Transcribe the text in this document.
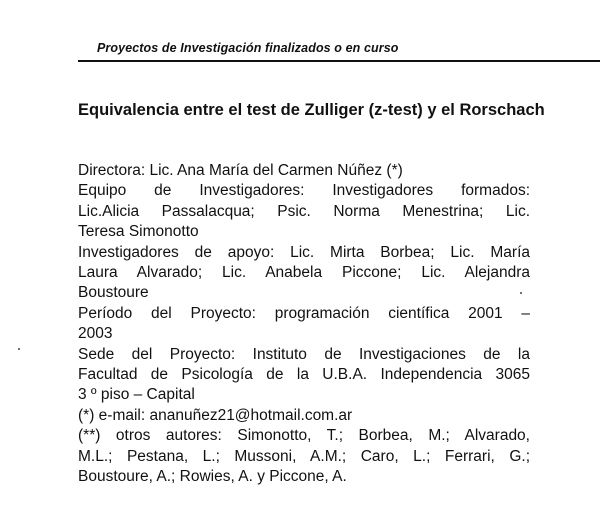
Proyectos de Investigación finalizados o en curso
Equivalencia entre el test de Zulliger (z-test) y el Rorschach
Directora: Lic. Ana María del Carmen Núñez (*)
Equipo de Investigadores: Investigadores formados:
Lic.Alicia Passalacqua; Psic. Norma Menestrina; Lic.
Teresa Simonotto
Investigadores de apoyo: Lic. Mirta Borbea; Lic. María
Laura Alvarado; Lic. Anabela Piccone; Lic. Alejandra
Boustoure
Período del Proyecto: programación científica 2001 –
2003
Sede del Proyecto: Instituto de Investigaciones de la
Facultad de Psicología de la U.B.A. Independencia 3065
3 º piso – Capital
(*) e-mail: ananuñez21@hotmail.com.ar
(**) otros autores: Simonotto, T.; Borbea, M.; Alvarado,
M.L.; Pestana, L.; Mussoni, A.M.; Caro, L.; Ferrari, G.;
Boustoure, A.; Rowies, A. y Piccone, A.
